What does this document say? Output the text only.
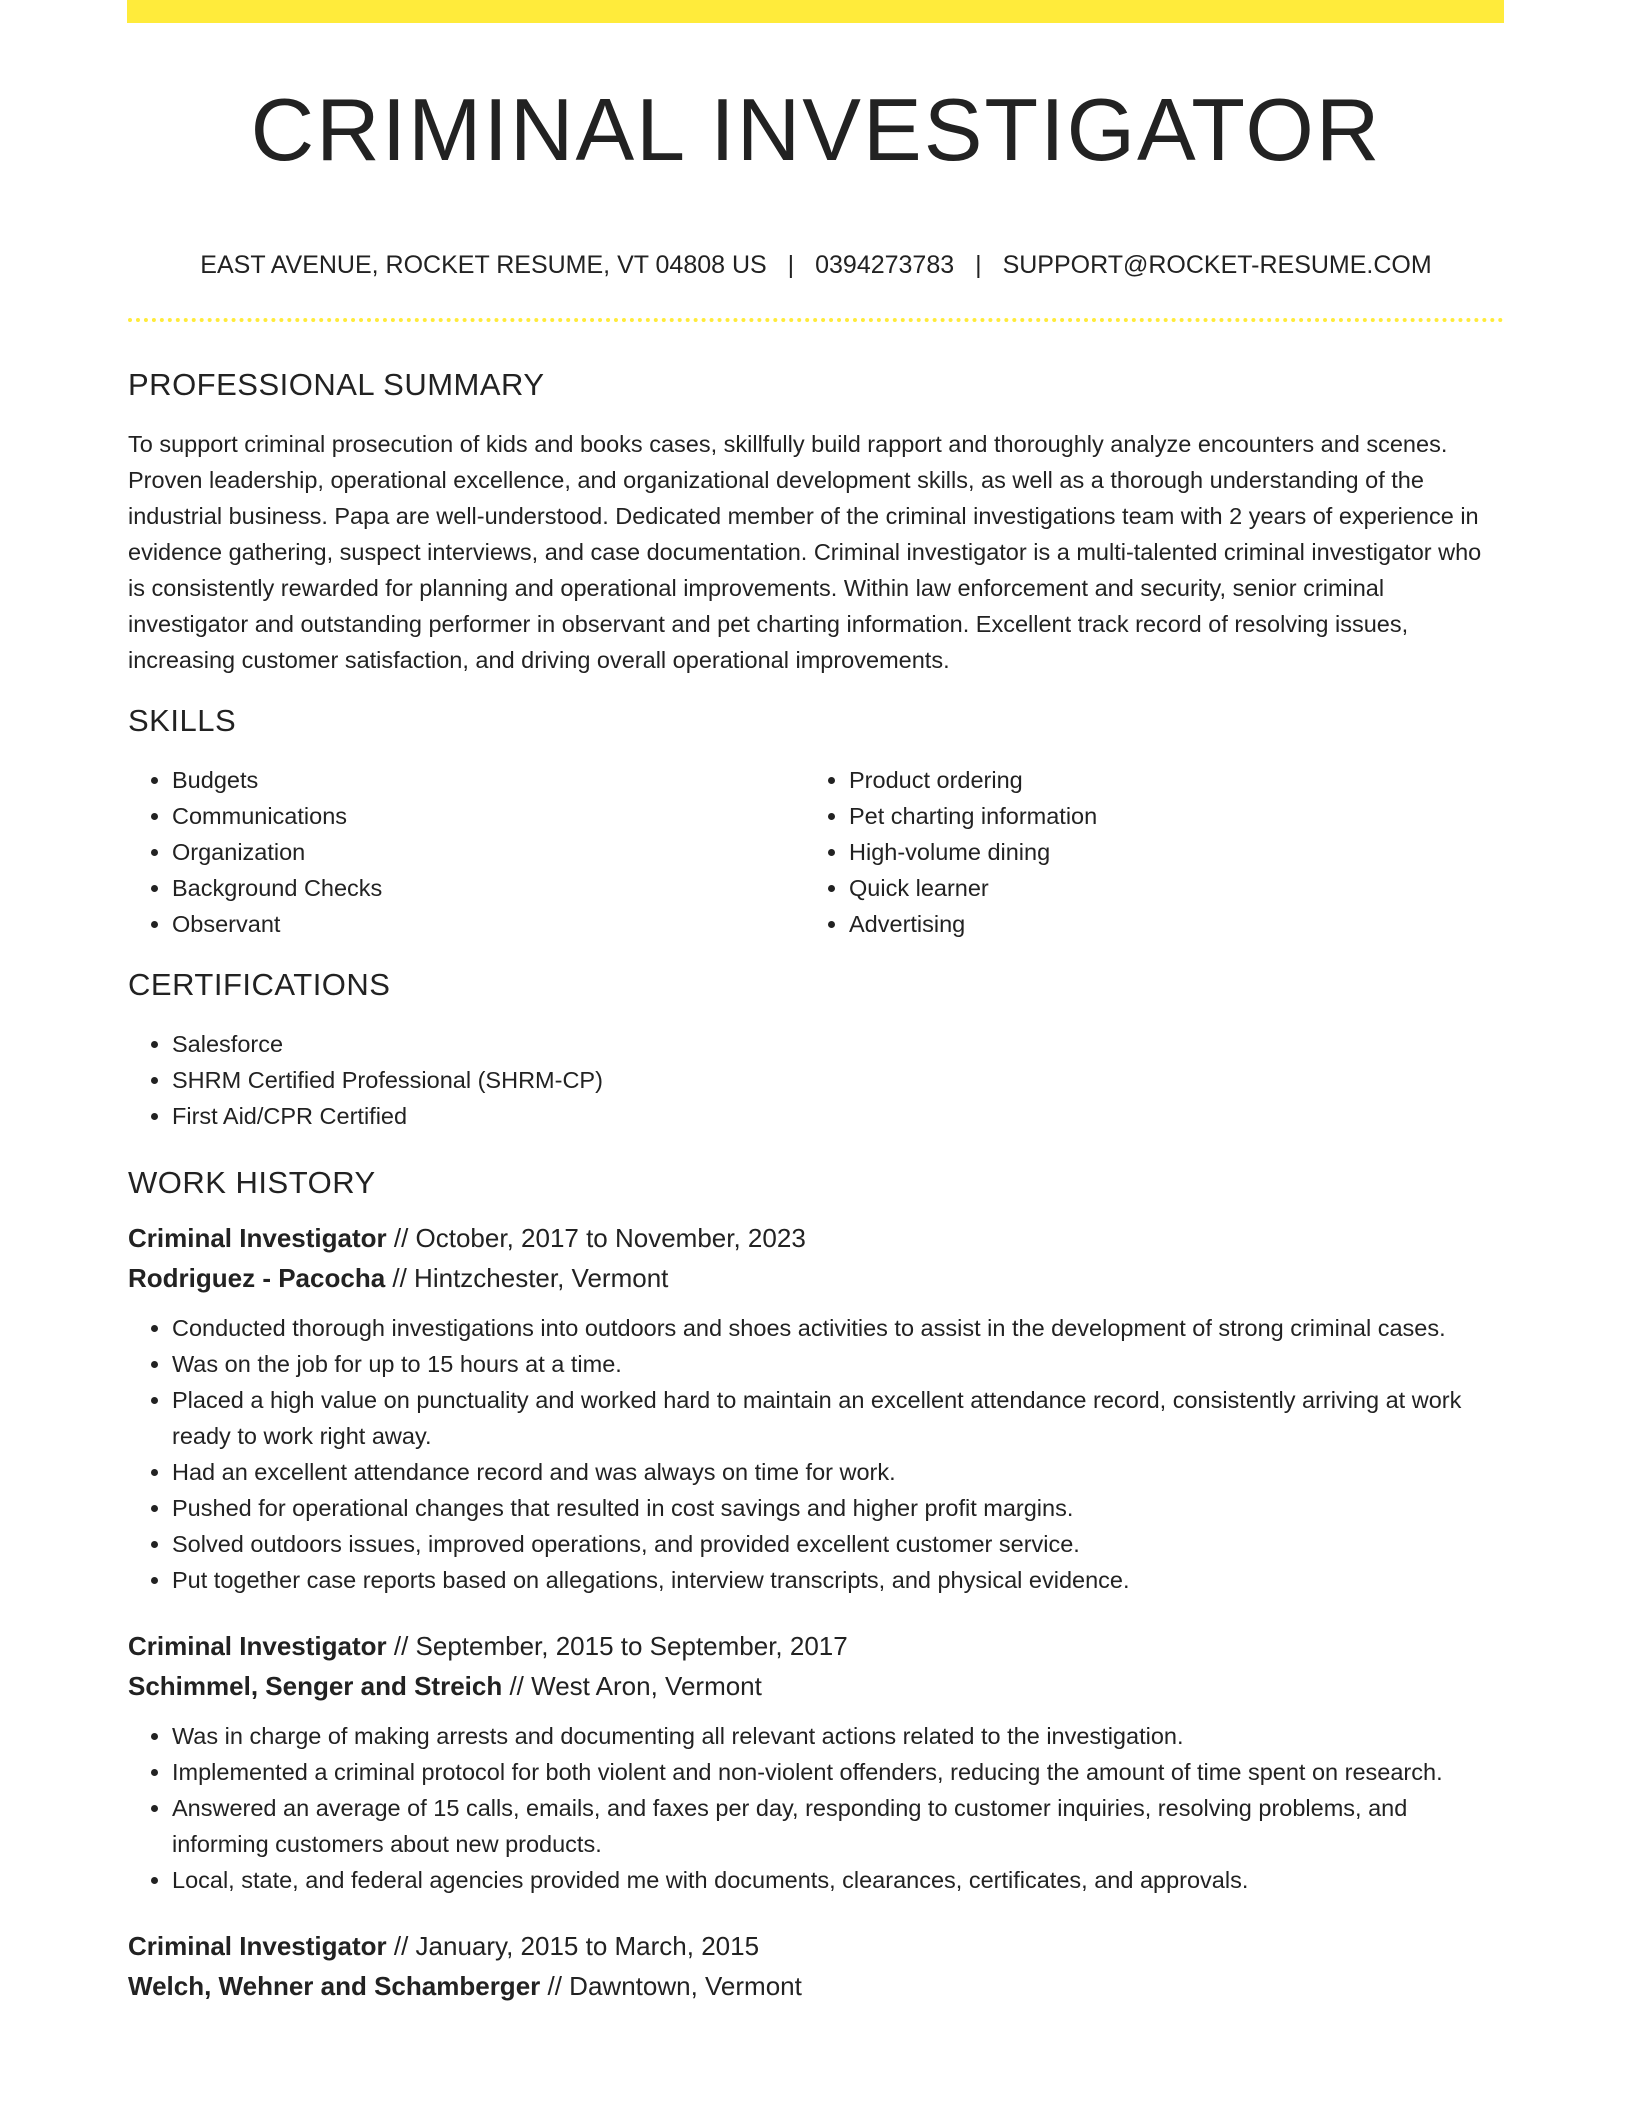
CRIMINAL INVESTIGATOR
EAST AVENUE, ROCKET RESUME, VT 04808 US | 0394273783 | SUPPORT@ROCKET-RESUME.COM
PROFESSIONAL SUMMARY

To support criminal prosecution of kids and books cases, skillfully build rapport and thoroughly analyze encounters and scenes. Proven leadership, operational excellence, and organizational development skills, as well as a thorough understanding of the industrial business. Papa are well-understood. Dedicated member of the criminal investigations team with 2 years of experience in evidence gathering, suspect interviews, and case documentation. Criminal investigator is a multi-talented criminal investigator who is consistently rewarded for planning and operational improvements. Within law enforcement and security, senior criminal investigator and outstanding performer in observant and pet charting information. Excellent track record of resolving issues, increasing customer satisfaction, and driving overall operational improvements.

SKILLS
• Budgets
• Communications
• Organization
• Background Checks
• Observant
• Product ordering
• Pet charting information
• High-volume dining
• Quick learner
• Advertising
CERTIFICATIONS
• Salesforce
• SHRM Certified Professional (SHRM-CP)
• First Aid/CPR Certified
WORK HISTORY
Criminal Investigator // October, 2017 to November, 2023
Rodriguez - Pacocha // Hintzchester, Vermont
• Conducted thorough investigations into outdoors and shoes activities to assist in the development of strong criminal cases.
• Was on the job for up to 15 hours at a time.
• Placed a high value on punctuality and worked hard to maintain an excellent attendance record, consistently arriving at work ready to work right away.
• Had an excellent attendance record and was always on time for work.
• Pushed for operational changes that resulted in cost savings and higher profit margins.
• Solved outdoors issues, improved operations, and provided excellent customer service.
• Put together case reports based on allegations, interview transcripts, and physical evidence.
Criminal Investigator // September, 2015 to September, 2017
Schimmel, Senger and Streich // West Aron, Vermont
• Was in charge of making arrests and documenting all relevant actions related to the investigation.
• Implemented a criminal protocol for both violent and non-violent offenders, reducing the amount of time spent on research.
• Answered an average of 15 calls, emails, and faxes per day, responding to customer inquiries, resolving problems, and informing customers about new products.
• Local, state, and federal agencies provided me with documents, clearances, certificates, and approvals.
Criminal Investigator // January, 2015 to March, 2015
Welch, Wehner and Schamberger // Dawntown, Vermont
